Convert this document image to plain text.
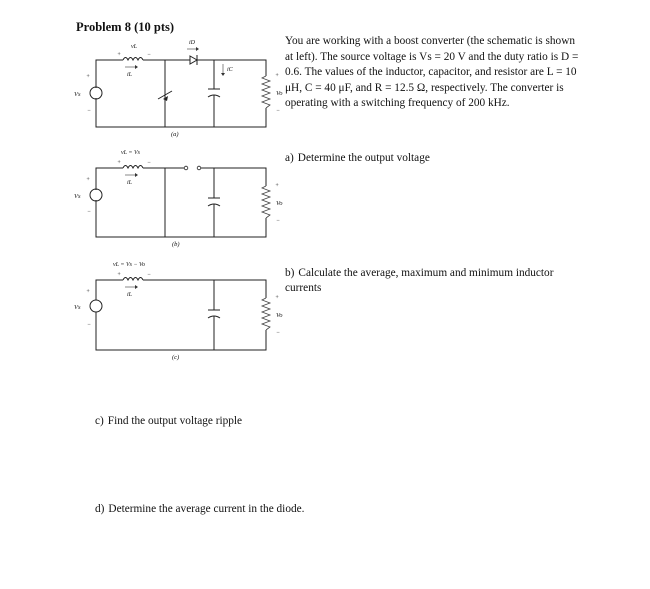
Problem 8 (10 pts)
You are working with a boost converter (the schematic is shown at left). The source voltage is Vs = 20 V and the duty ratio is D = 0.6. The values of the inductor, capacitor, and resistor are L = 10 μH, C = 40 μF, and R = 12.5 Ω, respectively. The converter is operating with a switching frequency of 200 kHz.
a) Determine the output voltage
b) Calculate the average, maximum and minimum inductor currents
c) Find the output voltage ripple
d) Determine the average current in the diode.
vL
+	−
iL
iD
+
−
Vs
iC
+
Vo
−
(a)
vL = Vs
+	−
iL
+
−
Vs
+
Vo
−
(b)
vL = Vs − Vo
+	−
iL
+
−
Vs
+
Vo
−
(c)
